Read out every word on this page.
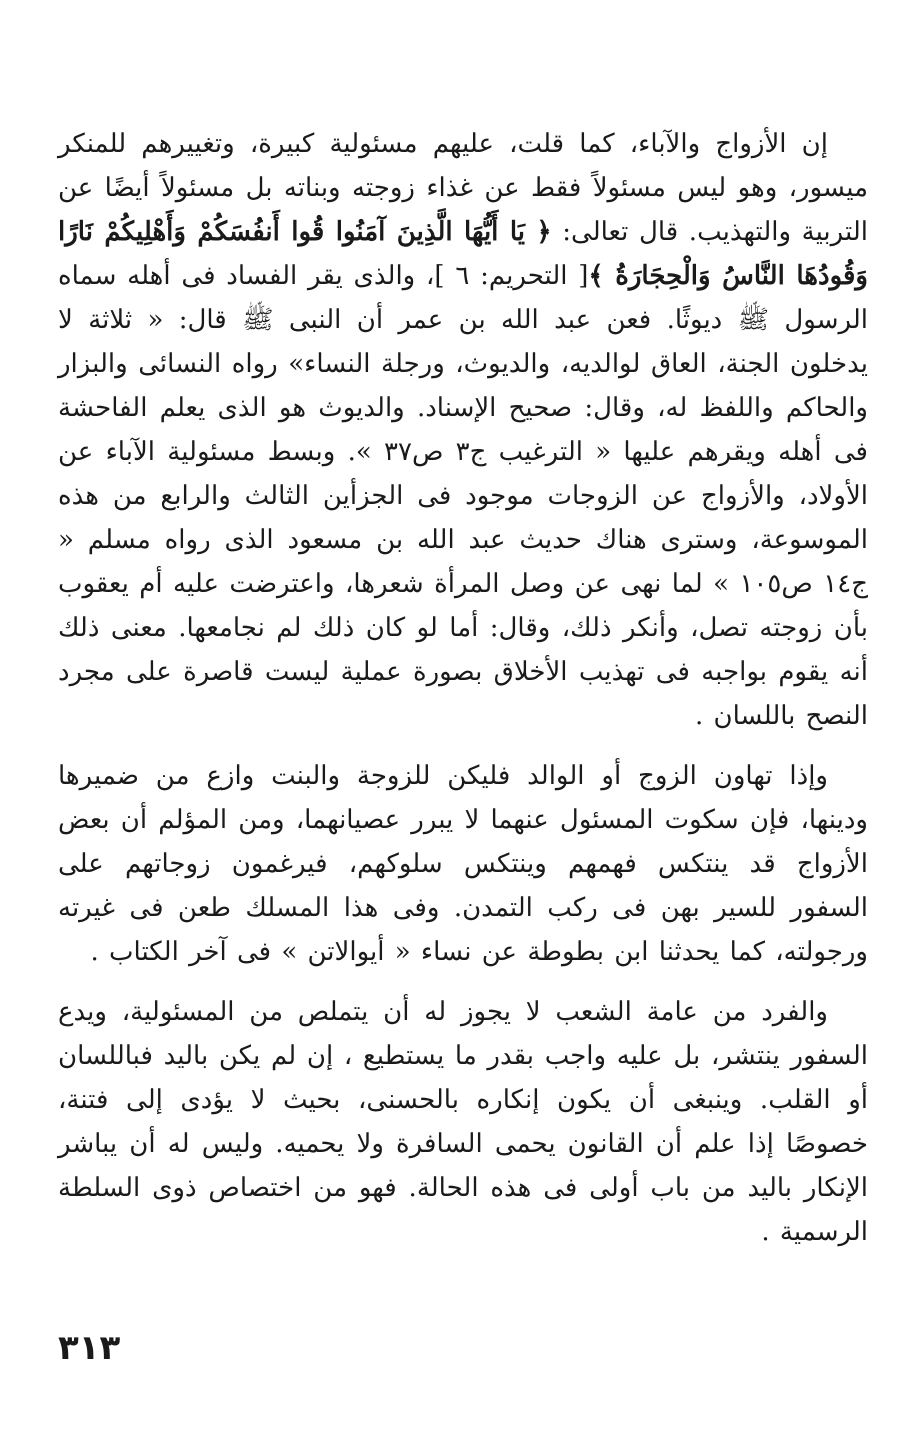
إن الأزواج والآباء، كما قلت، عليهم مسئولية كبيرة، وتغييرهم للمنكر ميسور، وهو ليس مسئولاً فقط عن غذاء زوجته وبناته بل مسئولاً أيضًا عن التربية والتهذيب. قال تعالى: ﴿ يَا أَيُّهَا الَّذِينَ آمَنُوا قُوا أَنفُسَكُمْ وَأَهْلِيكُمْ نَارًا وَقُودُهَا النَّاسُ وَالْحِجَارَةُ ﴾[ التحريم: ٦ ]، والذى يقر الفساد فى أهله سماه الرسول ﷺ ديوثًا. فعن عبد الله بن عمر أن النبى ﷺ قال: « ثلاثة لا يدخلون الجنة، العاق لوالديه، والديوث، ورجلة النساء» رواه النسائى والبزار والحاكم واللفظ له، وقال: صحيح الإسناد. والديوث هو الذى يعلم الفاحشة فى أهله ويقرهم عليها « الترغيب ج٣ ص٣٧ ». وبسط مسئولية الآباء عن الأولاد، والأزواج عن الزوجات موجود فى الجزأين الثالث والرابع من هذه الموسوعة، وسترى هناك حديث عبد الله بن مسعود الذى رواه مسلم « ج١٤ ص١٠٥ » لما نهى عن وصل المرأة شعرها، واعترضت عليه أم يعقوب بأن زوجته تصل، وأنكر ذلك، وقال: أما لو كان ذلك لم نجامعها. معنى ذلك أنه يقوم بواجبه فى تهذيب الأخلاق بصورة عملية ليست قاصرة على مجرد النصح باللسان .

وإذا تهاون الزوج أو الوالد فليكن للزوجة والبنت وازع من ضميرها ودينها، فإن سكوت المسئول عنهما لا يبرر عصيانهما، ومن المؤلم أن بعض الأزواج قد ينتكس فهمهم وينتكس سلوكهم، فيرغمون زوجاتهم على السفور للسير بهن فى ركب التمدن. وفى هذا المسلك طعن فى غيرته ورجولته، كما يحدثنا ابن بطوطة عن نساء « أيوالاتن » فى آخر الكتاب .

والفرد من عامة الشعب لا يجوز له أن يتملص من المسئولية، ويدع السفور ينتشر، بل عليه واجب بقدر ما يستطيع ، إن لم يكن باليد فباللسان أو القلب. وينبغى أن يكون إنكاره بالحسنى، بحيث لا يؤدى إلى فتنة، خصوصًا إذا علم أن القانون يحمى السافرة ولا يحميه. وليس له أن يباشر الإنكار باليد من باب أولى فى هذه الحالة. فهو من اختصاص ذوى السلطة الرسمية .

٣١٣
